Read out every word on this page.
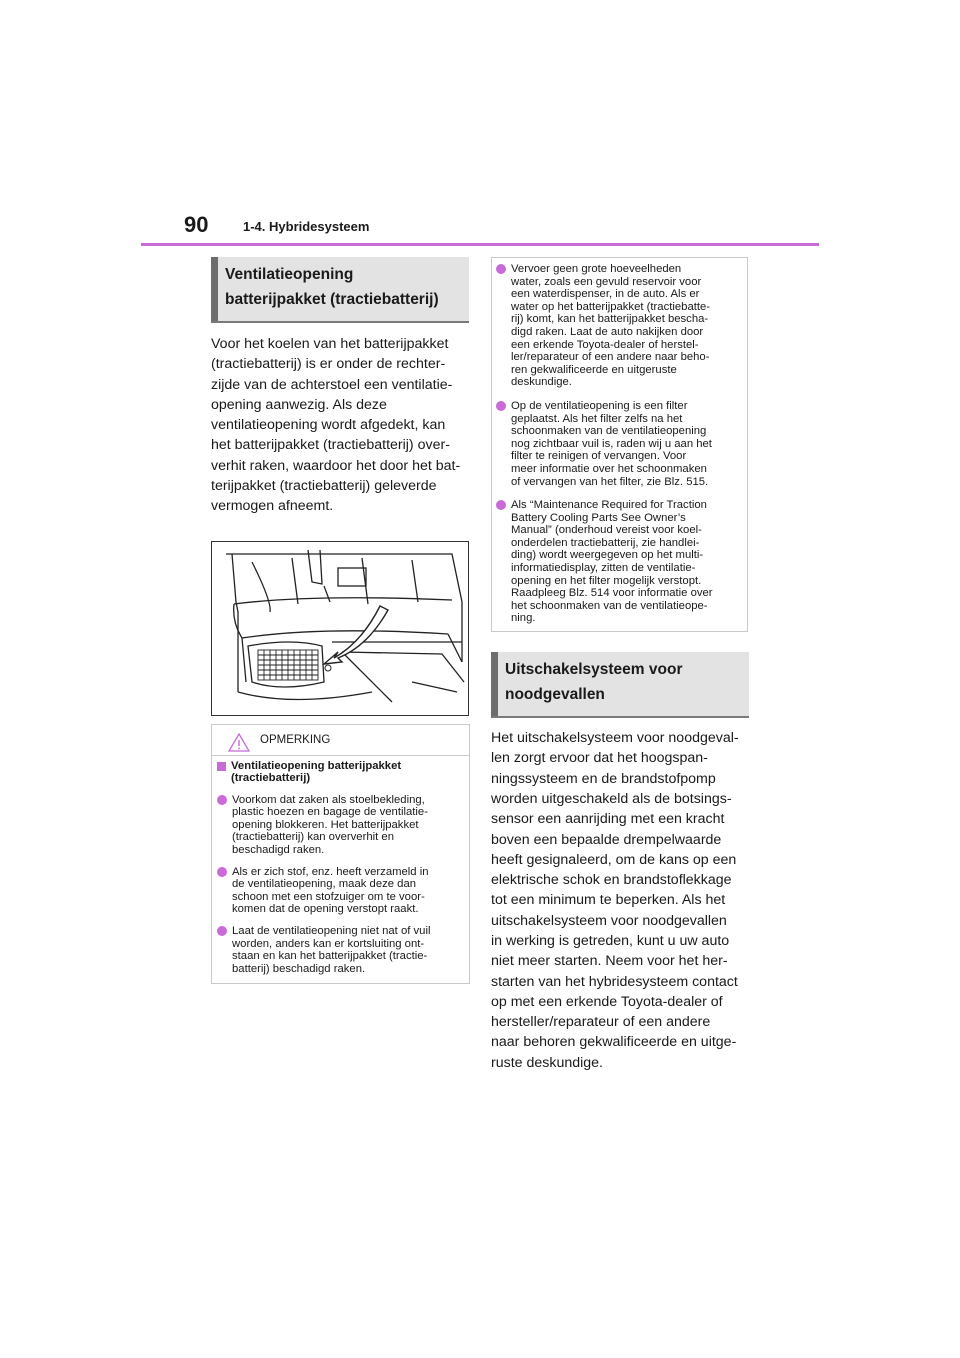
90	1-4. Hybridesysteem
Ventilatieopening
batterijpakket (tractiebatterij)

Voor het koelen van het batterijpakket
(tractiebatterij) is er onder de rechter-
zijde van de achterstoel een ventilatie-
opening aanwezig. Als deze
ventilatieopening wordt afgedekt, kan
het batterijpakket (tractiebatterij) over-
verhit raken, waardoor het door het bat-
terijpakket (tractiebatterij) geleverde
vermogen afneemt.

OPMERKING
Ventilatieopening batterijpakket
(tractiebatterij)
Voorkom dat zaken als stoelbekleding,
plastic hoezen en bagage de ventilatie-
opening blokkeren. Het batterijpakket
(tractiebatterij) kan oververhit en
beschadigd raken.
Als er zich stof, enz. heeft verzameld in
de ventilatieopening, maak deze dan
schoon met een stofzuiger om te voor-
komen dat de opening verstopt raakt.
Laat de ventilatieopening niet nat of vuil
worden, anders kan er kortsluiting ont-
staan en kan het batterijpakket (tractie-
batterij) beschadigd raken.
Vervoer geen grote hoeveelheden
water, zoals een gevuld reservoir voor
een waterdispenser, in de auto. Als er
water op het batterijpakket (tractiebatte-
rij) komt, kan het batterijpakket bescha-
digd raken. Laat de auto nakijken door
een erkende Toyota-dealer of herstel-
ler/reparateur of een andere naar beho-
ren gekwalificeerde en uitgeruste
deskundige.
Op de ventilatieopening is een filter
geplaatst. Als het filter zelfs na het
schoonmaken van de ventilatieopening
nog zichtbaar vuil is, raden wij u aan het
filter te reinigen of vervangen. Voor
meer informatie over het schoonmaken
of vervangen van het filter, zie Blz. 515.
Als “Maintenance Required for Traction
Battery Cooling Parts See Owner’s
Manual” (onderhoud vereist voor koel-
onderdelen tractiebatterij, zie handlei-
ding) wordt weergegeven op het multi-
informatiedisplay, zitten de ventilatie-
opening en het filter mogelijk verstopt.
Raadpleeg Blz. 514 voor informatie over
het schoonmaken van de ventilatieope-
ning.
Uitschakelsysteem voor
noodgevallen

Het uitschakelsysteem voor noodgeval-
len zorgt ervoor dat het hoogspan-
ningssysteem en de brandstofpomp
worden uitgeschakeld als de botsings-
sensor een aanrijding met een kracht
boven een bepaalde drempelwaarde
heeft gesignaleerd, om de kans op een
elektrische schok en brandstoflekkage
tot een minimum te beperken. Als het
uitschakelsysteem voor noodgevallen
in werking is getreden, kunt u uw auto
niet meer starten. Neem voor het her-
starten van het hybridesysteem contact
op met een erkende Toyota-dealer of
hersteller/reparateur of een andere
naar behoren gekwalificeerde en uitge-
ruste deskundige.
